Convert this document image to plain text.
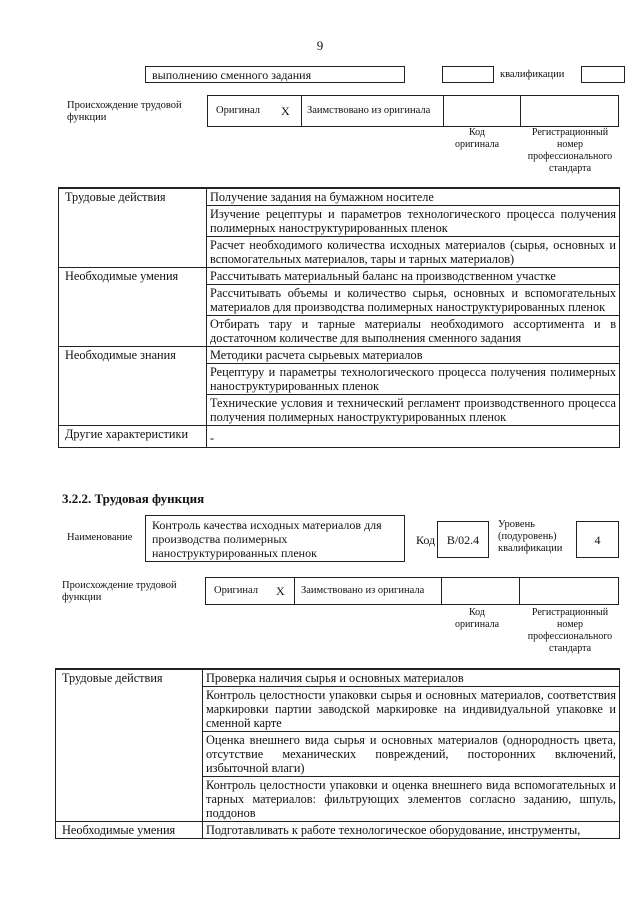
9
выполнению сменного задания	квалификации
Происхождение трудовой функции
Оригинал X Заимствовано из оригинала
Код оригинала
Регистрационный номер профессионального стандарта
Трудовые действия	Получение задания на бумажном носителе
	Изучение рецептуры и параметров технологического процесса получения полимерных наноструктурированных пленок
	Расчет необходимого количества исходных материалов (сырья, основных и вспомогательных материалов, тары и тарных материалов)
Необходимые умения	Рассчитывать материальный баланс на производственном участке
	Рассчитывать объемы и количество сырья, основных и вспомогательных материалов для производства полимерных наноструктурированных пленок
	Отбирать тару и тарные материалы необходимого ассортимента и в достаточном количестве для выполнения сменного задания
Необходимые знания	Методики расчета сырьевых материалов
	Рецептуру и параметры технологического процесса получения полимерных наноструктурированных пленок
	Технические условия и технический регламент производственного процесса получения полимерных наноструктурированных пленок
Другие характеристики	-
3.2.2. Трудовая функция
Наименование
Контроль качества исходных материалов для производства полимерных наноструктурированных пленок
Код B/02.4
Уровень (подуровень) квалификации
4
Происхождение трудовой функции
Оригинал X Заимствовано из оригинала
Код оригинала
Регистрационный номер профессионального стандарта
Трудовые действия	Проверка наличия сырья и основных материалов
	Контроль целостности упаковки сырья и основных материалов, соответствия маркировки партии заводской маркировке на индивидуальной упаковке и сменной карте
	Оценка внешнего вида сырья и основных материалов (однородность цвета, отсутствие механических повреждений, посторонних включений, избыточной влаги)
	Контроль целостности упаковки и оценка внешнего вида вспомогательных и тарных материалов: фильтрующих элементов согласно заданию, шпуль, поддонов
Необходимые умения	Подготавливать к работе технологическое оборудование, инструменты,
